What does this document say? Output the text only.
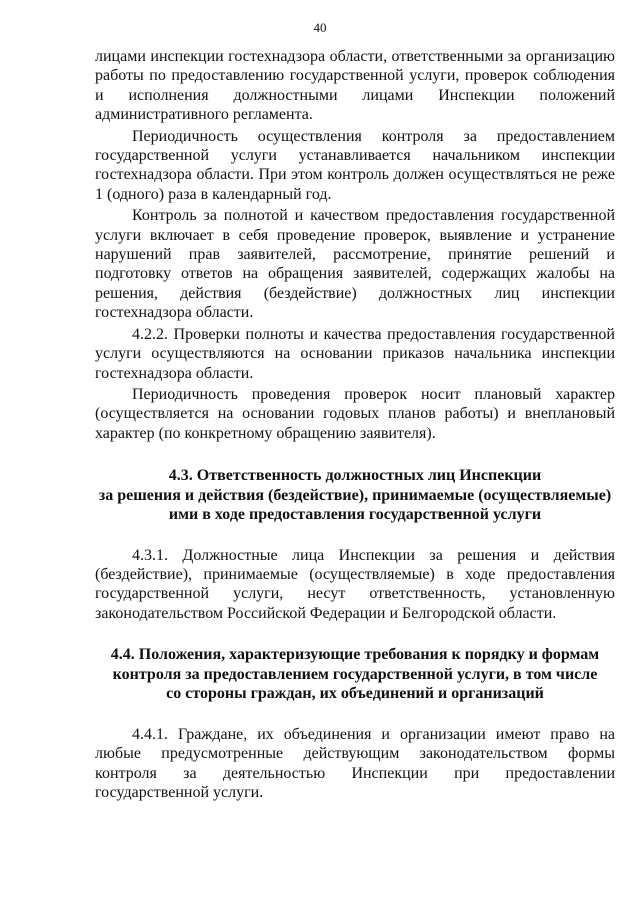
40

лицами инспекции гостехнадзора области, ответственными за организацию работы по предоставлению государственной услуги, проверок соблюдения и исполнения должностными лицами Инспекции положений административного регламента.

Периодичность осуществления контроля за предоставлением государственной услуги устанавливается начальником инспекции гостехнадзора области. При этом контроль должен осуществляться не реже 1 (одного) раза в календарный год.

Контроль за полнотой и качеством предоставления государственной услуги включает в себя проведение проверок, выявление и устранение нарушений прав заявителей, рассмотрение, принятие решений и подготовку ответов на обращения заявителей, содержащих жалобы на решения, действия (бездействие) должностных лиц инспекции гостехнадзора области.

4.2.2. Проверки полноты и качества предоставления государственной услуги осуществляются на основании приказов начальника инспекции гостехнадзора области.

Периодичность проведения проверок носит плановый характер (осуществляется на основании годовых планов работы) и внеплановый характер (по конкретному обращению заявителя).

4.3. Ответственность должностных лиц Инспекции
за решения и действия (бездействие), принимаемые (осуществляемые)
ими в ходе предоставления государственной услуги

4.3.1. Должностные лица Инспекции за решения и действия (бездействие), принимаемые (осуществляемые) в ходе предоставления государственной услуги, несут ответственность, установленную законодательством Российской Федерации и Белгородской области.

4.4. Положения, характеризующие требования к порядку и формам
контроля за предоставлением государственной услуги, в том числе
со стороны граждан, их объединений и организаций

4.4.1. Граждане, их объединения и организации имеют право на любые предусмотренные действующим законодательством формы контроля за деятельностью Инспекции при предоставлении государственной услуги.
